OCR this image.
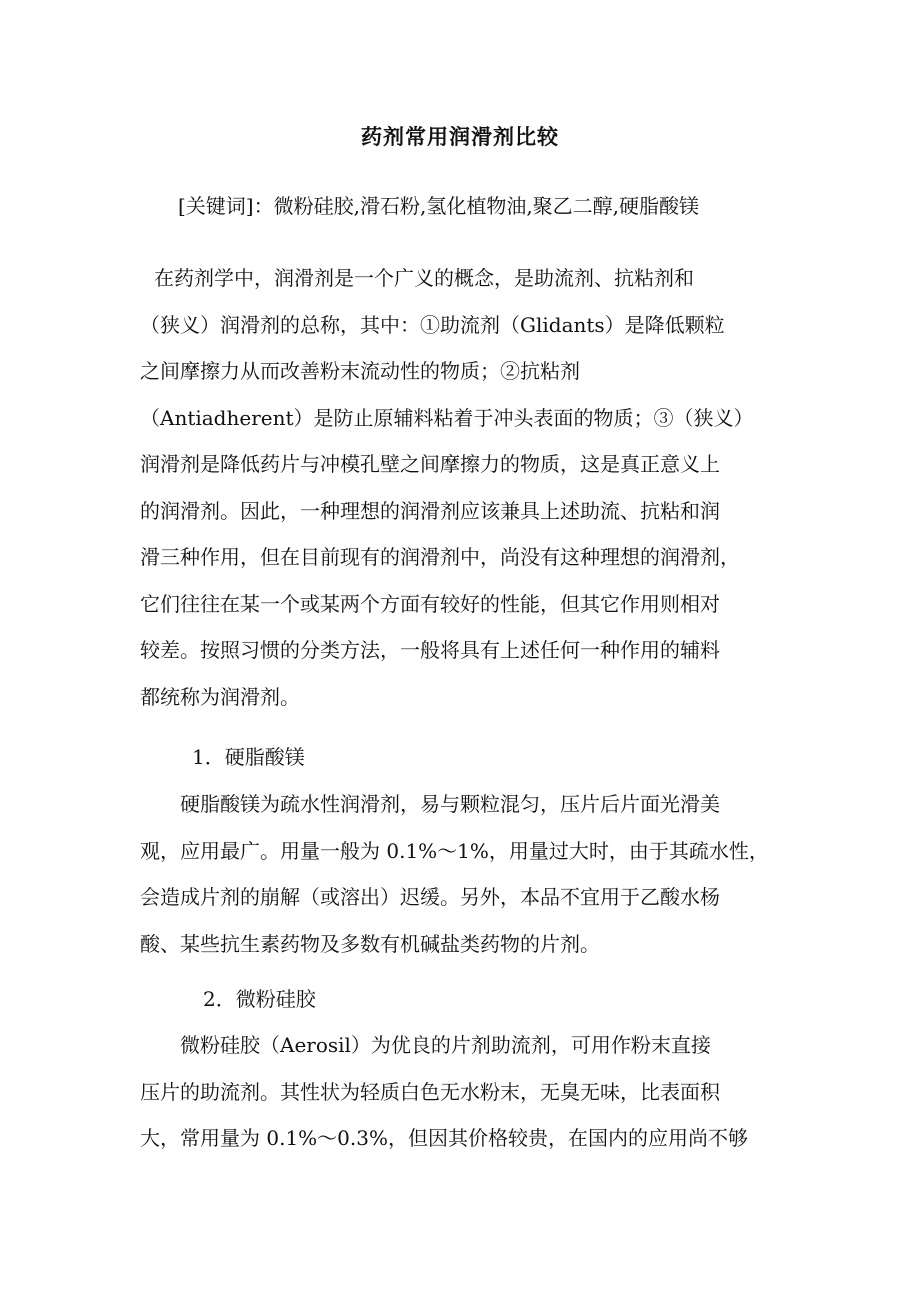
药剂常用润滑剂比较
[关键词]：微粉硅胶,滑石粉,氢化植物油,聚乙二醇,硬脂酸镁
在药剂学中，润滑剂是一个广义的概念，是助流剂、抗粘剂和
（狭义）润滑剂的总称，其中：①助流剂（Glidants）是降低颗粒
之间摩擦力从而改善粉末流动性的物质；②抗粘剂
（Antiadherent）是防止原辅料粘着于冲头表面的物质；③（狭义）
润滑剂是降低药片与冲模孔壁之间摩擦力的物质，这是真正意义上
的润滑剂。因此，一种理想的润滑剂应该兼具上述助流、抗粘和润
滑三种作用，但在目前现有的润滑剂中，尚没有这种理想的润滑剂，
它们往往在某一个或某两个方面有较好的性能，但其它作用则相对
较差。按照习惯的分类方法，一般将具有上述任何一种作用的辅料
都统称为润滑剂。
1．硬脂酸镁
硬脂酸镁为疏水性润滑剂，易与颗粒混匀，压片后片面光滑美
观，应用最广。用量一般为 0.1%～1%，用量过大时，由于其疏水性，
会造成片剂的崩解（或溶出）迟缓。另外，本品不宜用于乙酸水杨
酸、某些抗生素药物及多数有机碱盐类药物的片剂。
2．微粉硅胶
微粉硅胶（Aerosil）为优良的片剂助流剂，可用作粉末直接
压片的助流剂。其性状为轻质白色无水粉末，无臭无味，比表面积
大，常用量为 0.1%～0.3%，但因其价格较贵，在国内的应用尚不够
